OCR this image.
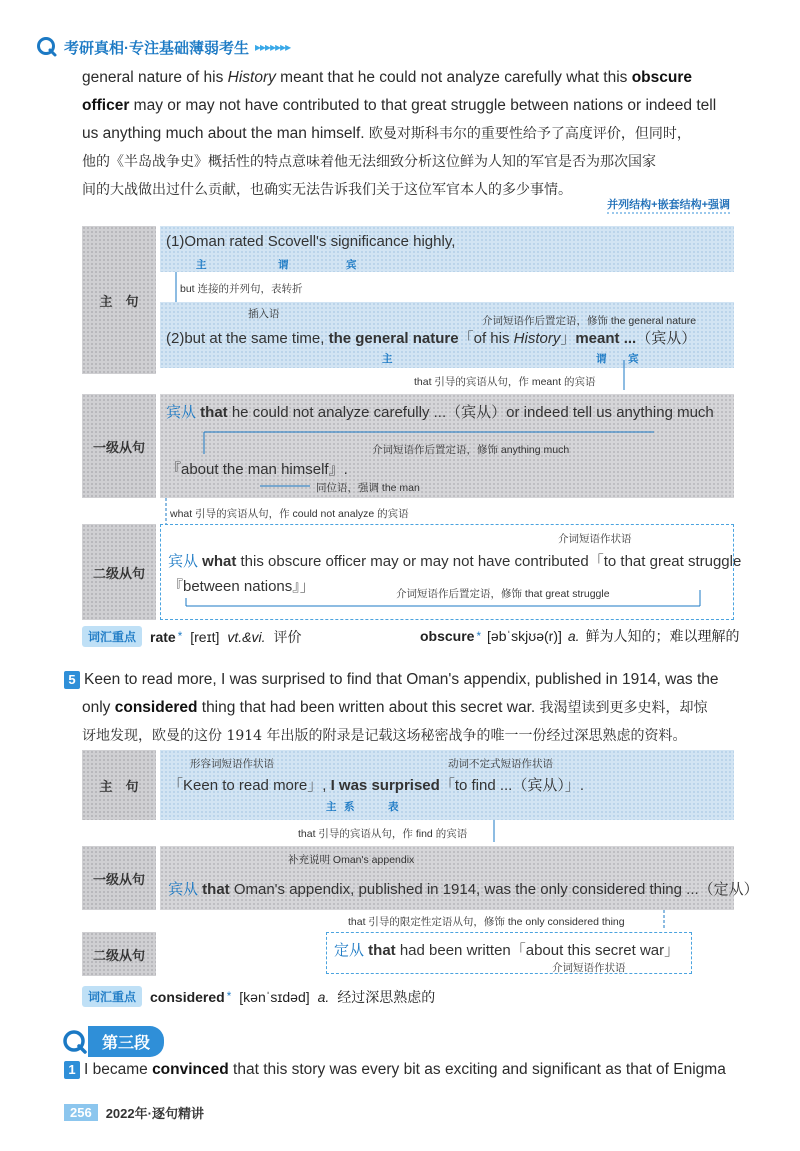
考研真相·专注基础薄弱考生 ▸▸▸▸▸▸▸
general nature of his History meant that he could not analyze carefully what this obscure
officer may or may not have contributed to that great struggle between nations or indeed tell
us anything much about the man himself. 欧曼对斯科韦尔的重要性给予了高度评价，但同时，
他的《半岛战争史》概括性的特点意味着他无法细致分析这位鲜为人知的军官是否为那次国家
间的大战做出过什么贡献，也确实无法告诉我们关于这位军官本人的多少事情。
并列结构+嵌套结构+强调
主　句
(1)Oman rated Scovell's significance highly,
主	谓	宾
but 连接的并列句，表转折
插入语
介词短语作后置定语，修饰 the general nature
(2)but at the same time, the general nature「of his History」meant ...（宾从）
主	谓 宾
that 引导的宾语从句，作 meant 的宾语
一级从句
宾从 that he could not analyze carefully ...（宾从）or indeed tell us anything much
介词短语作后置定语，修饰 anything much
『about the man himself』.
同位语，强调 the man
what 引导的宾语从句，作 could not analyze 的宾语
二级从句
介词短语作状语
宾从 what this obscure officer may or may not have contributed「to that great struggle
『between nations』」	介词短语作后置定语，修饰 that great struggle
词汇重点	rate * [reɪt] vt.&vi. 评价	obscure * [əbˈskjʊə(r)] a. 鲜为人知的；难以理解的
5 Keen to read more, I was surprised to find that Oman's appendix, published in 1914, was the
only considered thing that had been written about this secret war. 我渴望读到更多史料，却惊
讶地发现，欧曼的这份 1914 年出版的附录是记载这场秘密战争的唯一一份经过深思熟虑的资料。
主　句
形容词短语作状语	动词不定式短语作状语
「Keen to read more」, I was surprised「to find ...（宾从）」.
主 系	表
that 引导的宾语从句，作 find 的宾语
一级从句
补充说明 Oman's appendix
宾从 that Oman's appendix, published in 1914, was the only considered thing ...（定从）
that 引导的限定性定语从句，修饰 the only considered thing
二级从句	定从 that had been written「about this secret war」
介词短语作状语
词汇重点	considered * [kənˈsɪdəd] a. 经过深思熟虑的
第三段
1 I became convinced that this story was every bit as exciting and significant as that of Enigma
256	2022年·逐句精讲
